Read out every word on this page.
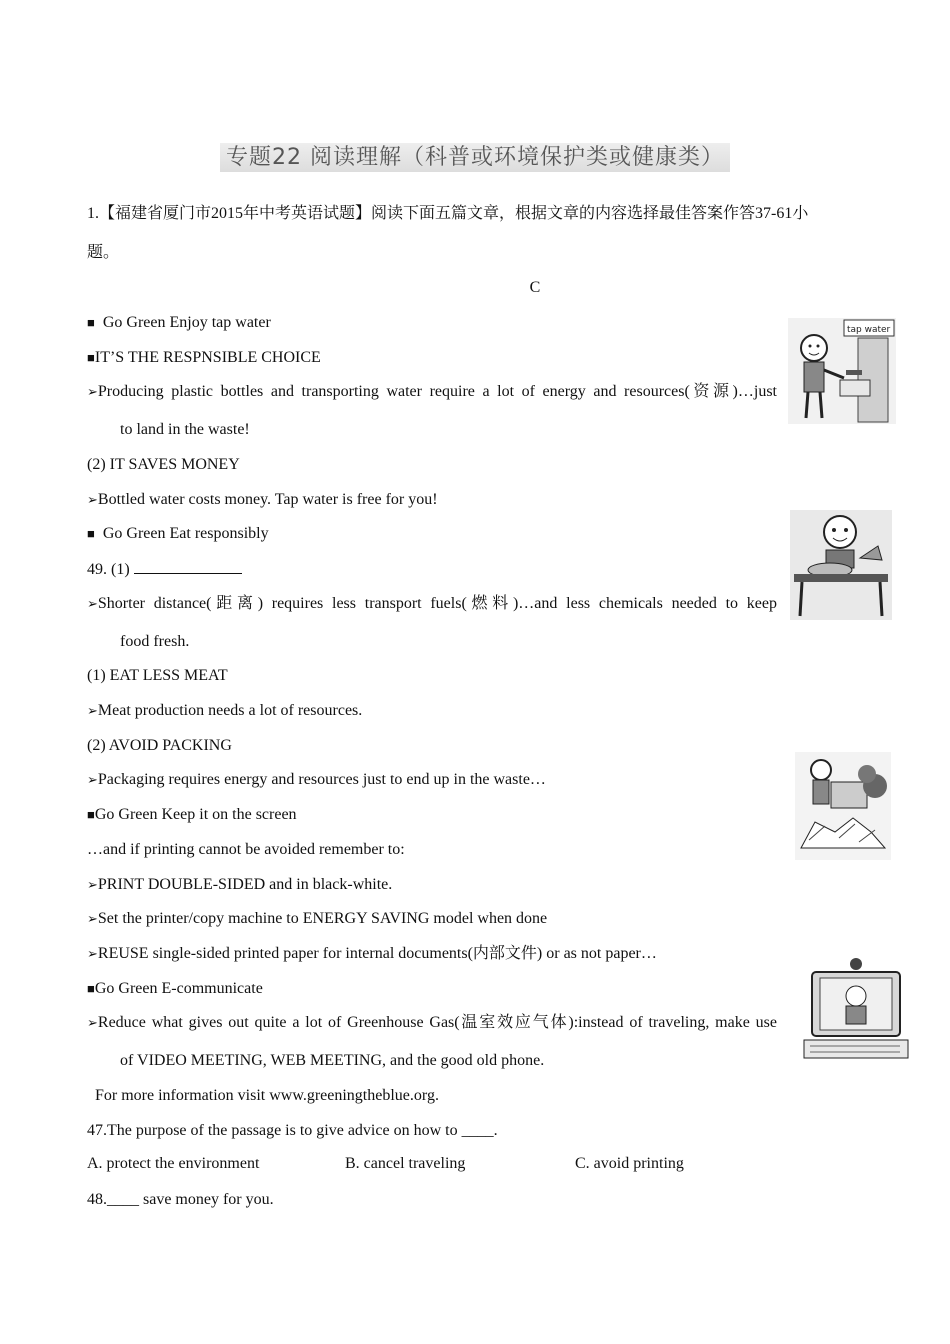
专题22 阅读理解（科普或环境保护类或健康类）
1.【福建省厦门市2015年中考英语试题】阅读下面五篇文章，根据文章的内容选择最佳答案作答37-61小
题。
C
■ Go Green Enjoy tap water
■IT’S THE RESPNSIBLE CHOICE
➢Producing plastic bottles and transporting water require a lot of energy and resources(资源)…just
to land in the waste!
(2) IT SAVES MONEY
➢Bottled water costs money. Tap water is free for you!
■ Go Green Eat responsibly
49. (1)
➢Shorter distance(距离) requires less transport fuels(燃料)…and less chemicals needed to keep
food fresh.
(1) EAT LESS MEAT
➢Meat production needs a lot of resources.
(2) AVOID PACKING
➢Packaging requires energy and resources just to end up in the waste…
■Go Green Keep it on the screen
…and if printing cannot be avoided remember to:
➢PRINT DOUBLE-SIDED and in black-white.
➢Set the printer/copy machine to ENERGY SAVING model when done
➢REUSE single-sided printed paper for internal documents(内部文件) or as not paper…
■Go Green E-communicate
➢Reduce what gives out quite a lot of Greenhouse Gas(温室效应气体):instead of traveling, make use
of VIDEO MEETING, WEB MEETING, and the good old phone.
For more information visit www.greeningtheblue.org.
47.The purpose of the passage is to give advice on how to ____.
A. protect the environment	B. cancel traveling	C. avoid printing
48.____ save money for you.
tap water
